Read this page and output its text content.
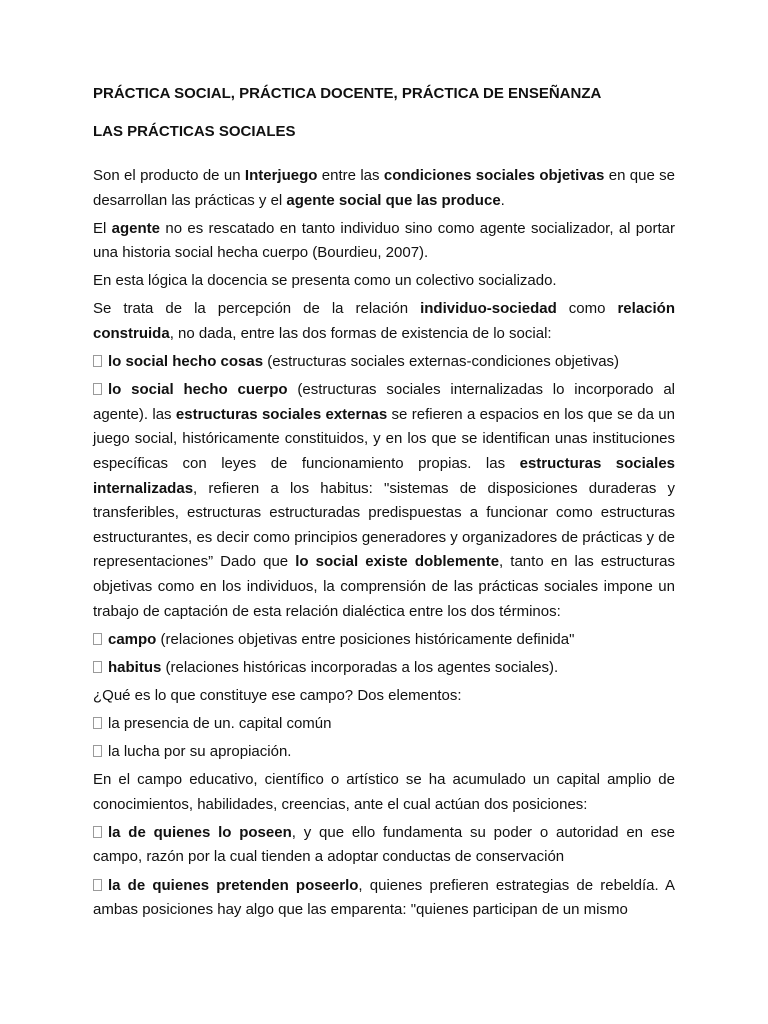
PRÁCTICA SOCIAL, PRÁCTICA DOCENTE, PRÁCTICA DE ENSEÑANZA
LAS PRÁCTICAS SOCIALES

Son el producto de un Interjuego entre las condiciones sociales objetivas en que se desarrollan las prácticas y el agente social que las produce.

El agente no es rescatado en tanto individuo sino como agente socializador, al portar una historia social hecha cuerpo (Bourdieu, 2007).

En esta lógica la docencia se presenta como un colectivo socializado.

Se trata de la percepción de la relación individuo-sociedad como relación construida, no dada, entre las dos formas de existencia de lo social:

lo social hecho cosas (estructuras sociales externas-condiciones objetivas)

lo social hecho cuerpo (estructuras sociales internalizadas lo incorporado al agente). las estructuras sociales externas se refieren a espacios en los que se da un juego social, históricamente constituidos, y en los que se identifican unas instituciones específicas con leyes de funcionamiento propias. las estructuras sociales internalizadas, refieren a los habitus: "sistemas de disposiciones duraderas y transferibles, estructuras estructuradas predispuestas a funcionar como estructuras estructurantes, es decir como principios generadores y organizadores de prácticas y de representaciones” Dado que lo social existe doblemente, tanto en las estructuras objetivas como en los individuos, la comprensión de las prácticas sociales impone un trabajo de captación de esta relación dialéctica entre los dos términos:

campo (relaciones objetivas entre posiciones históricamente definida"

habitus (relaciones históricas incorporadas a los agentes sociales).

¿Qué es lo que constituye ese campo? Dos elementos:

la presencia de un. capital común

la lucha por su apropiación.

En el campo educativo, científico o artístico se ha acumulado un capital amplio de conocimientos, habilidades, creencias, ante el cual actúan dos posiciones:

la de quienes lo poseen, y que ello fundamenta su poder o autoridad en ese campo, razón por la cual tienden a adoptar conductas de conservación

la de quienes pretenden poseerlo, quienes prefieren estrategias de rebeldía. A ambas posiciones hay algo que las emparenta: "quienes participan de un mismo
